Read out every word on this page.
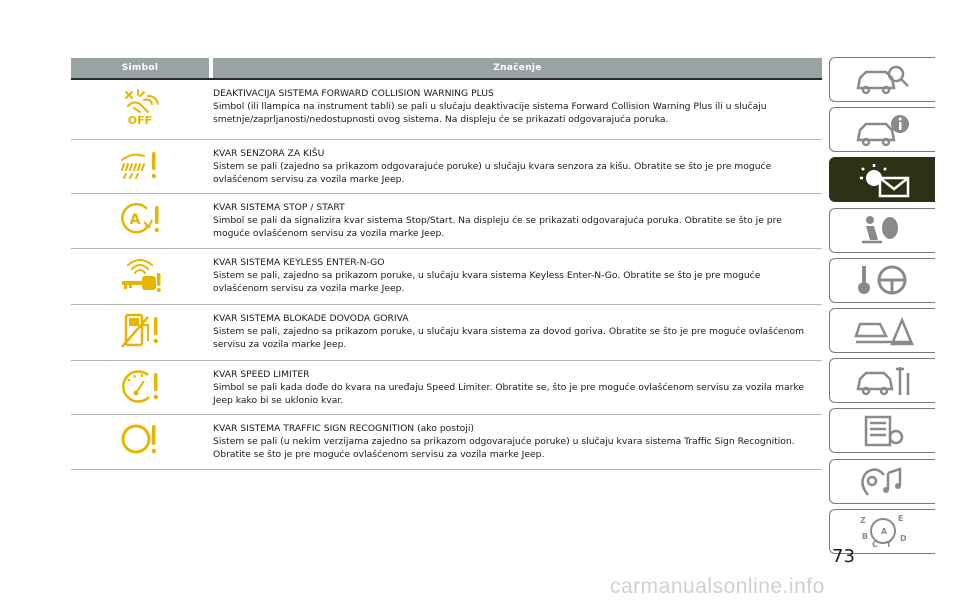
Simbol	Značenje
OFF
DEAKTIVACIJA SISTEMA FORWARD COLLISION WARNING PLUS
Simbol (ili llampica na instrument tabli) se pali u slučaju deaktivacije sistema Forward Collision Warning Plus ili u slučaju smetnje/zaprljanosti/nedostupnosti ovog sistema. Na displeju će se prikazati odgovarajuća poruka.
KVAR SENZORA ZA KIŠU
Sistem se pali (zajedno sa prikazom odgovarajuće poruke) u slučaju kvara senzora za kišu. Obratite se što je pre moguće ovlašćenom servisu za vozila marke Jeep.
A
KVAR SISTEMA STOP / START
Simbol se pali da signalizira kvar sistema Stop/Start. Na displeju će se prikazati odgovarajuća poruka. Obratite se što je pre moguće ovlašćenom servisu za vozila marke Jeep.
KVAR SISTEMA KEYLESS ENTER-N-GO
Sistem se pali, zajedno sa prikazom poruke, u slučaju kvara sistema Keyless Enter-N-Go. Obratite se što je pre moguće ovlašćenom servisu za vozila marke Jeep.
KVAR SISTEMA BLOKADE DOVODA GORIVA
Sistem se pali, zajedno sa prikazom poruke, u slučaju kvara sistema za dovod goriva. Obratite se što je pre moguće ovlašćenom servisu za vozila marke Jeep.
KVAR SPEED LIMITER
Simbol se pali kada dođe do kvara na uređaju Speed Limiter. Obratite se, što je pre moguće ovlašćenom servisu za vozila marke Jeep kako bi se uklonio kvar.
KVAR SISTEMA TRAFFIC SIGN RECOGNITION (ako postoji)
Sistem se pali (u nekim verzijama zajedno sa prikazom odgovarajuće poruke) u slučaju kvara sistema Traffic Sign Recognition. Obratite se što je pre moguće ovlašćenom servisu za vozila marke Jeep.
Z	E
A
B
C T
D
73
carmanualsonline.info
